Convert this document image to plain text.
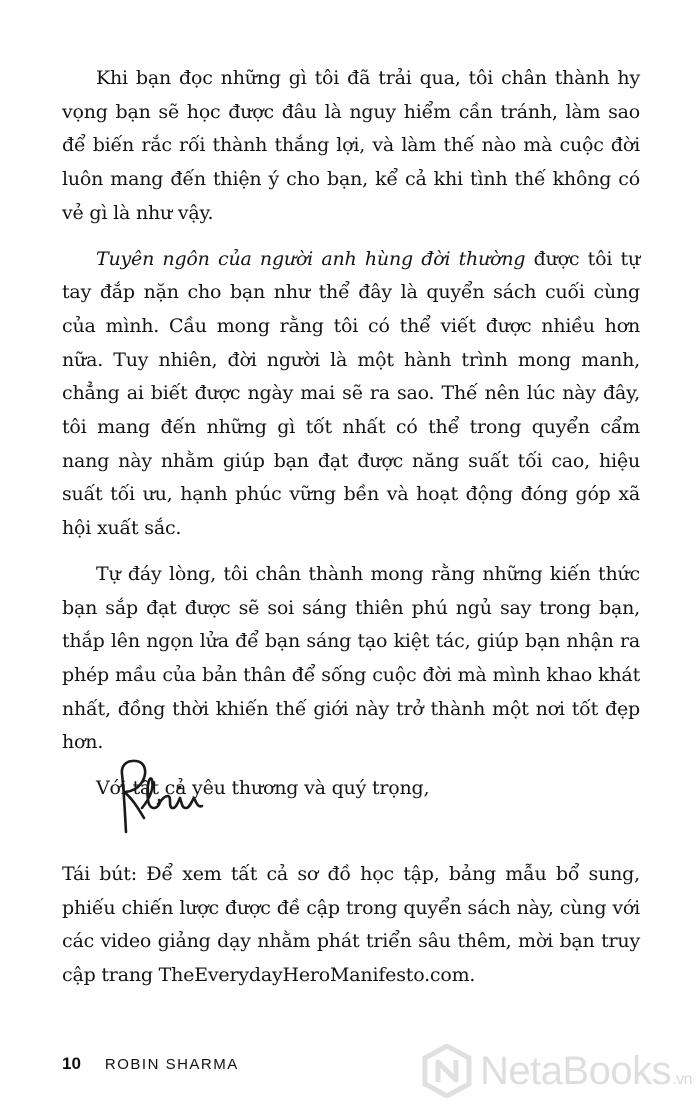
Khi bạn đọc những gì tôi đã trải qua, tôi chân thành hy vọng bạn sẽ học được đâu là nguy hiểm cần tránh, làm sao để biến rắc rối thành thắng lợi, và làm thế nào mà cuộc đời luôn mang đến thiện ý cho bạn, kể cả khi tình thế không có vẻ gì là như vậy.

Tuyên ngôn của người anh hùng đời thường được tôi tự tay đắp nặn cho bạn như thể đây là quyển sách cuối cùng của mình. Cầu mong rằng tôi có thể viết được nhiều hơn nữa. Tuy nhiên, đời người là một hành trình mong manh, chẳng ai biết được ngày mai sẽ ra sao. Thế nên lúc này đây, tôi mang đến những gì tốt nhất có thể trong quyển cẩm nang này nhằm giúp bạn đạt được năng suất tối cao, hiệu suất tối ưu, hạnh phúc vững bền và hoạt động đóng góp xã hội xuất sắc.

Tự đáy lòng, tôi chân thành mong rằng những kiến thức bạn sắp đạt được sẽ soi sáng thiên phú ngủ say trong bạn, thắp lên ngọn lửa để bạn sáng tạo kiệt tác, giúp bạn nhận ra phép mầu của bản thân để sống cuộc đời mà mình khao khát nhất, đồng thời khiến thế giới này trở thành một nơi tốt đẹp hơn.

Với tất cả yêu thương và quý trọng,

Tái bút: Để xem tất cả sơ đồ học tập, bảng mẫu bổ sung, phiếu chiến lược được đề cập trong quyển sách này, cùng với các video giảng dạy nhằm phát triển sâu thêm, mời bạn truy cập trang TheEverydayHeroManifesto.com.

10 ROBIN SHARMA	NetaBooks.vn
